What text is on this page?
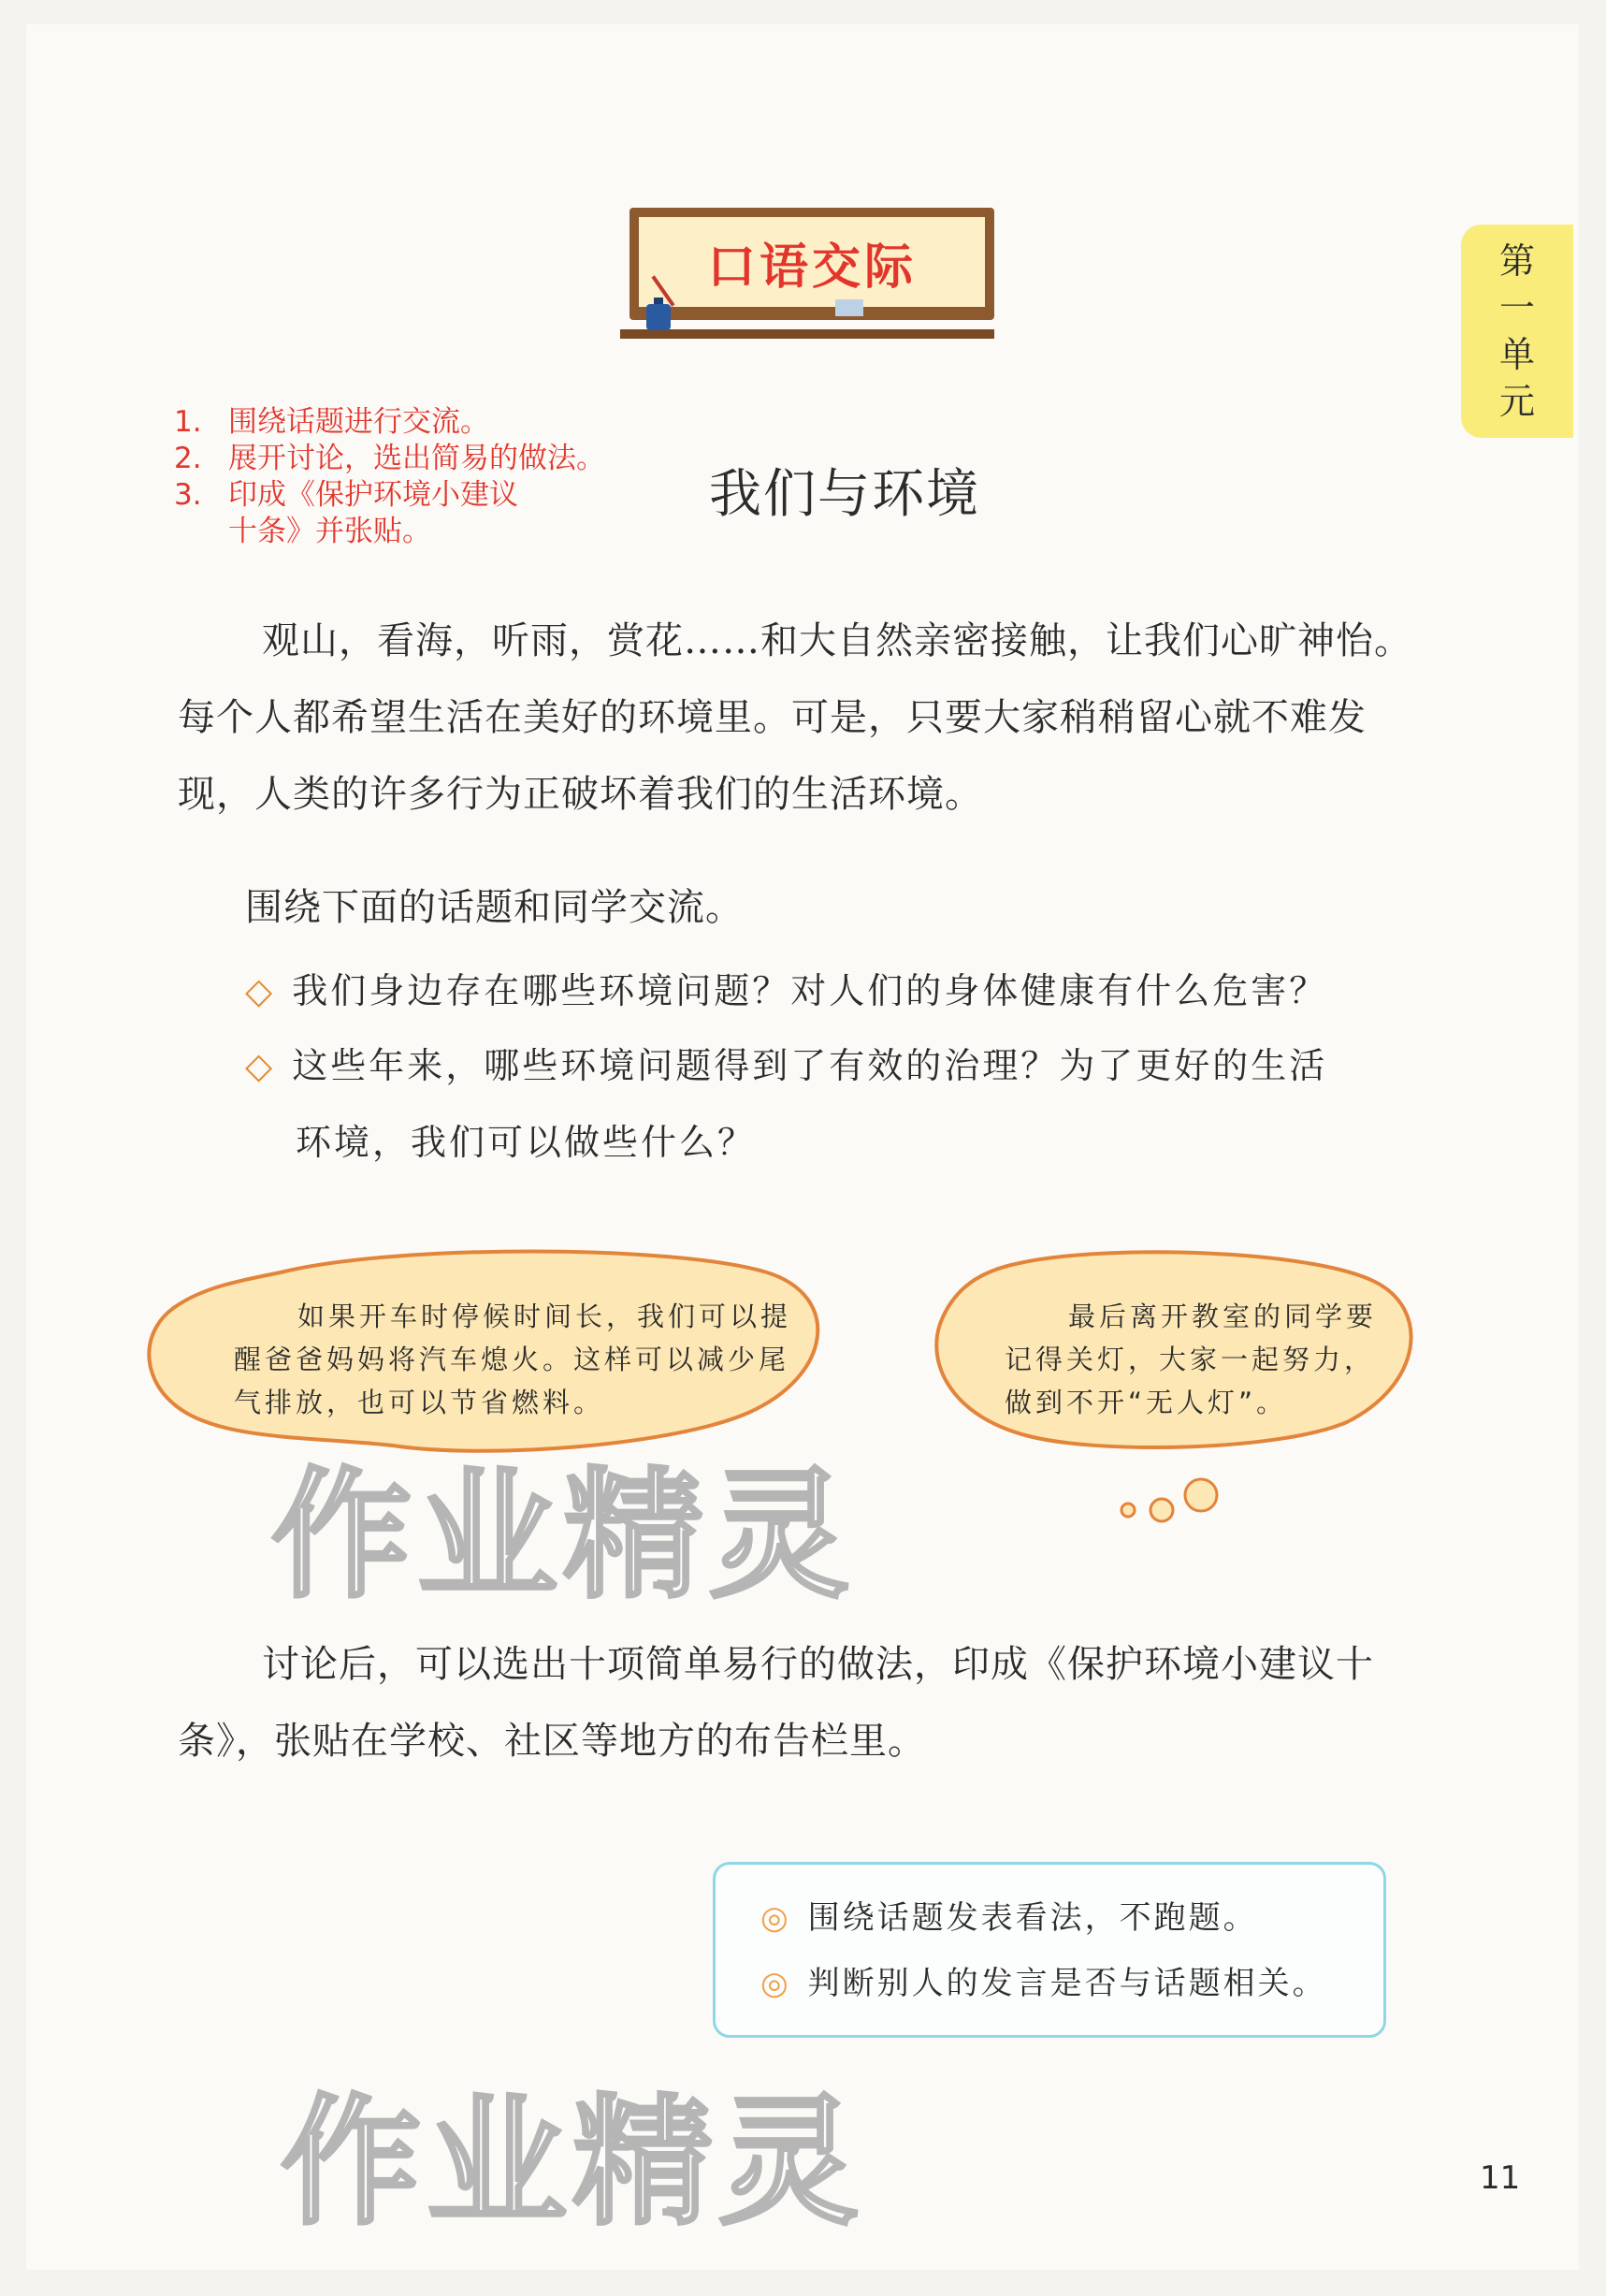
第
一
单
元
口语交际
1. 围绕话题进行交流。
2. 展开讨论，选出简易的做法。
3. 印成《保护环境小建议十条》并张贴。
我们与环境
观山，看海，听雨，赏花……和大自然亲密接触，让我们心旷神怡。每个人都希望生活在美好的环境里。可是，只要大家稍稍留心就不难发现，人类的许多行为正破坏着我们的生活环境。
围绕下面的话题和同学交流。
◇ 我们身边存在哪些环境问题？对人们的身体健康有什么危害？
◇ 这些年来，哪些环境问题得到了有效的治理？为了更好的生活
环境，我们可以做些什么？
如果开车时停候时间长，我们可以提醒爸爸妈妈将汽车熄火。这样可以减少尾气排放，也可以节省燃料。
最后离开教室的同学要记得关灯，大家一起努力，做到不开“无人灯”。
作业精灵
讨论后，可以选出十项简单易行的做法，印成《保护环境小建议十条》，张贴在学校、社区等地方的布告栏里。
◎ 围绕话题发表看法，不跑题。
◎ 判断别人的发言是否与话题相关。
作业精灵	11
